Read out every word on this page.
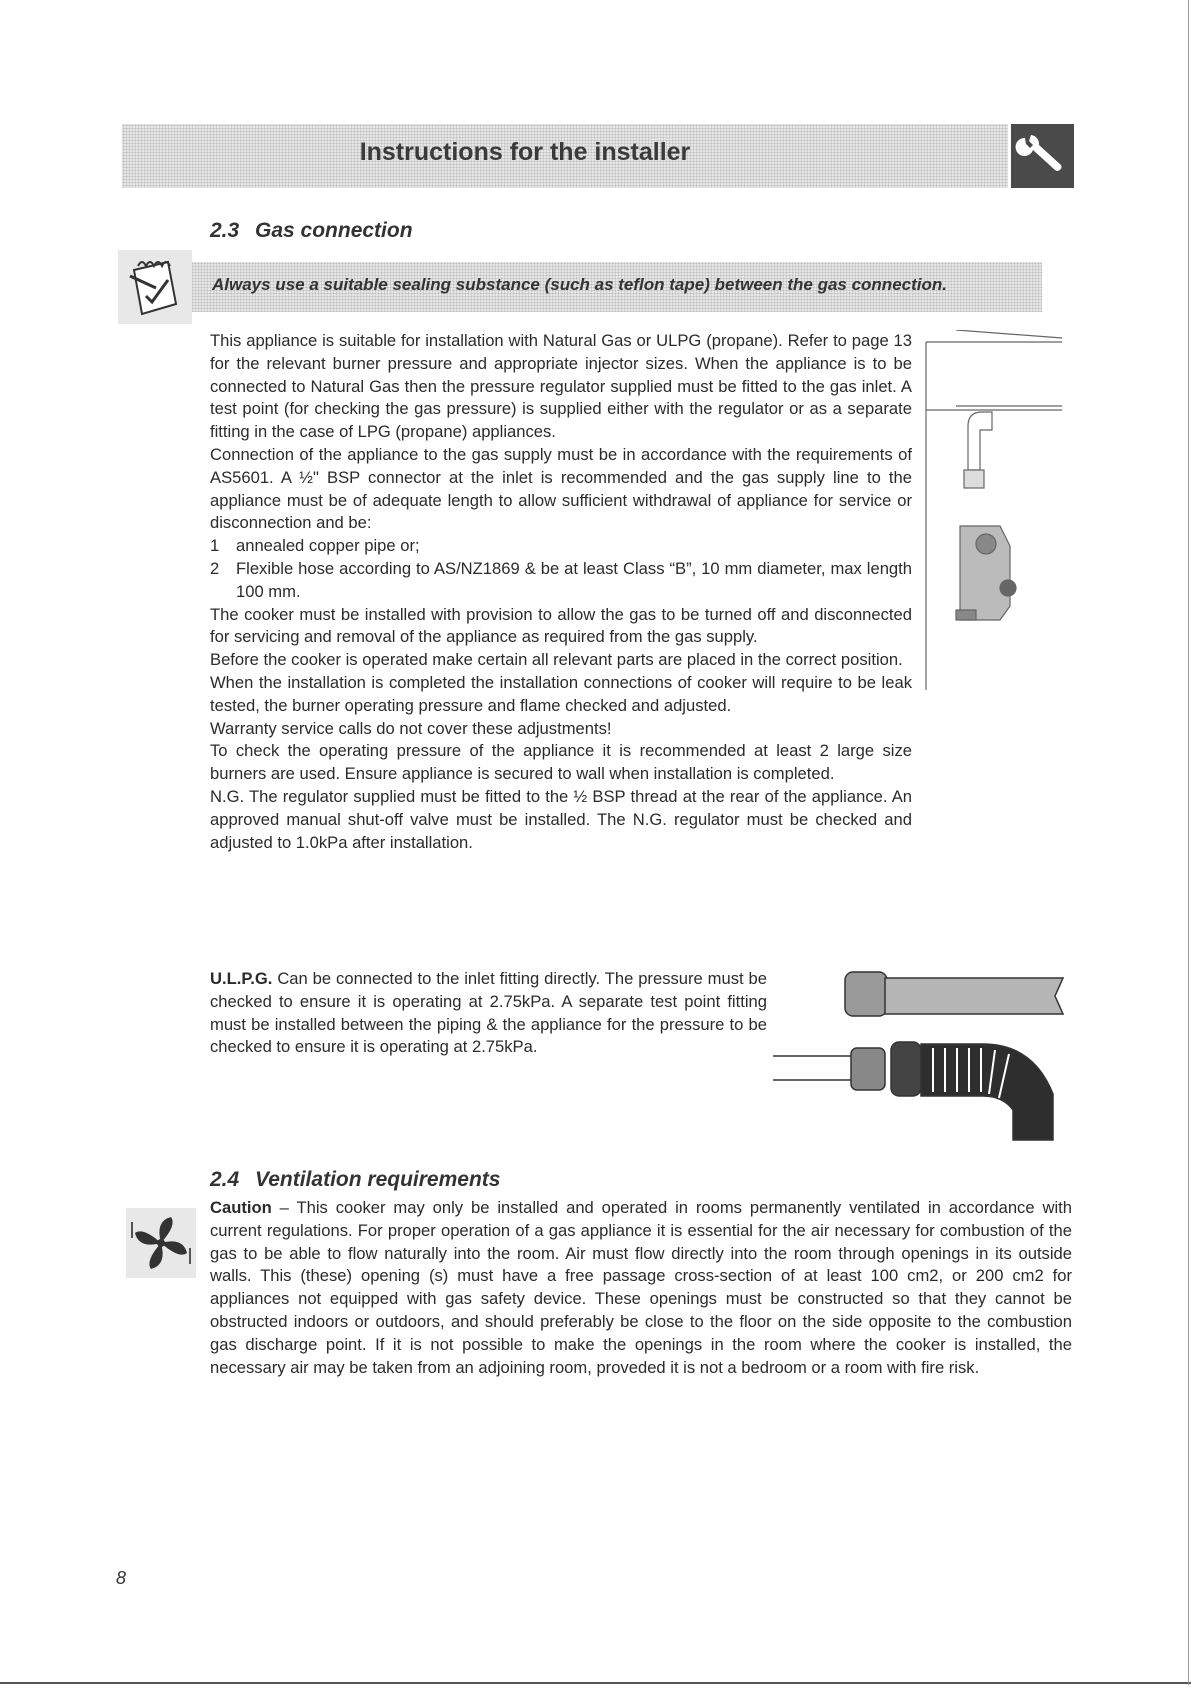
Instructions for the installer
2.3 Gas connection
Always use a suitable sealing substance (such as teflon tape) between the gas connection.

This appliance is suitable for installation with Natural Gas or ULPG (propane). Refer to page 13 for the relevant burner pressure and appropriate injector sizes. When the appliance is to be connected to Natural Gas then the pressure regulator supplied must be fitted to the gas inlet. A test point (for checking the gas pressure) is supplied either with the regulator or as a separate fitting in the case of LPG (propane) appliances.

Connection of the appliance to the gas supply must be in accordance with the requirements of AS5601. A ½" BSP connector at the inlet is recommended and the gas supply line to the appliance must be of adequate length to allow sufficient withdrawal of appliance for service or disconnection and be:

1 annealed copper pipe or;
2 Flexible hose according to AS/NZ1869 & be at least Class “B”, 10 mm diameter, max length 100 mm.

The cooker must be installed with provision to allow the gas to be turned off and disconnected for servicing and removal of the appliance as required from the gas supply.

Before the cooker is operated make certain all relevant parts are placed in the correct position.

When the installation is completed the installation connections of cooker will require to be leak tested, the burner operating pressure and flame checked and adjusted.

Warranty service calls do not cover these adjustments!

To check the operating pressure of the appliance it is recommended at least 2 large size burners are used. Ensure appliance is secured to wall when installation is completed.

N.G. The regulator supplied must be fitted to the ½ BSP thread at the rear of the appliance. An approved manual shut-off valve must be installed. The N.G. regulator must be checked and adjusted to 1.0kPa after installation.

U.L.P.G. Can be connected to the inlet fitting directly. The pressure must be checked to ensure it is operating at 2.75kPa. A separate test point fitting must be installed between the piping & the appliance for the pressure to be checked to ensure it is operating at 2.75kPa.
2.4 Ventilation requirements
Caution – This cooker may only be installed and operated in rooms permanently ventilated in accordance with current regulations. For proper operation of a gas appliance it is essential for the air necessary for combustion of the gas to be able to flow naturally into the room. Air must flow directly into the room through openings in its outside walls. This (these) opening (s) must have a free passage cross-section of at least 100 cm2, or 200 cm2 for appliances not equipped with gas safety device. These openings must be constructed so that they cannot be obstructed indoors or outdoors, and should preferably be close to the floor on the side opposite to the combustion gas discharge point. If it is not possible to make the openings in the room where the cooker is installed, the necessary air may be taken from an adjoining room, proveded it is not a bedroom or a room with fire risk.
8
